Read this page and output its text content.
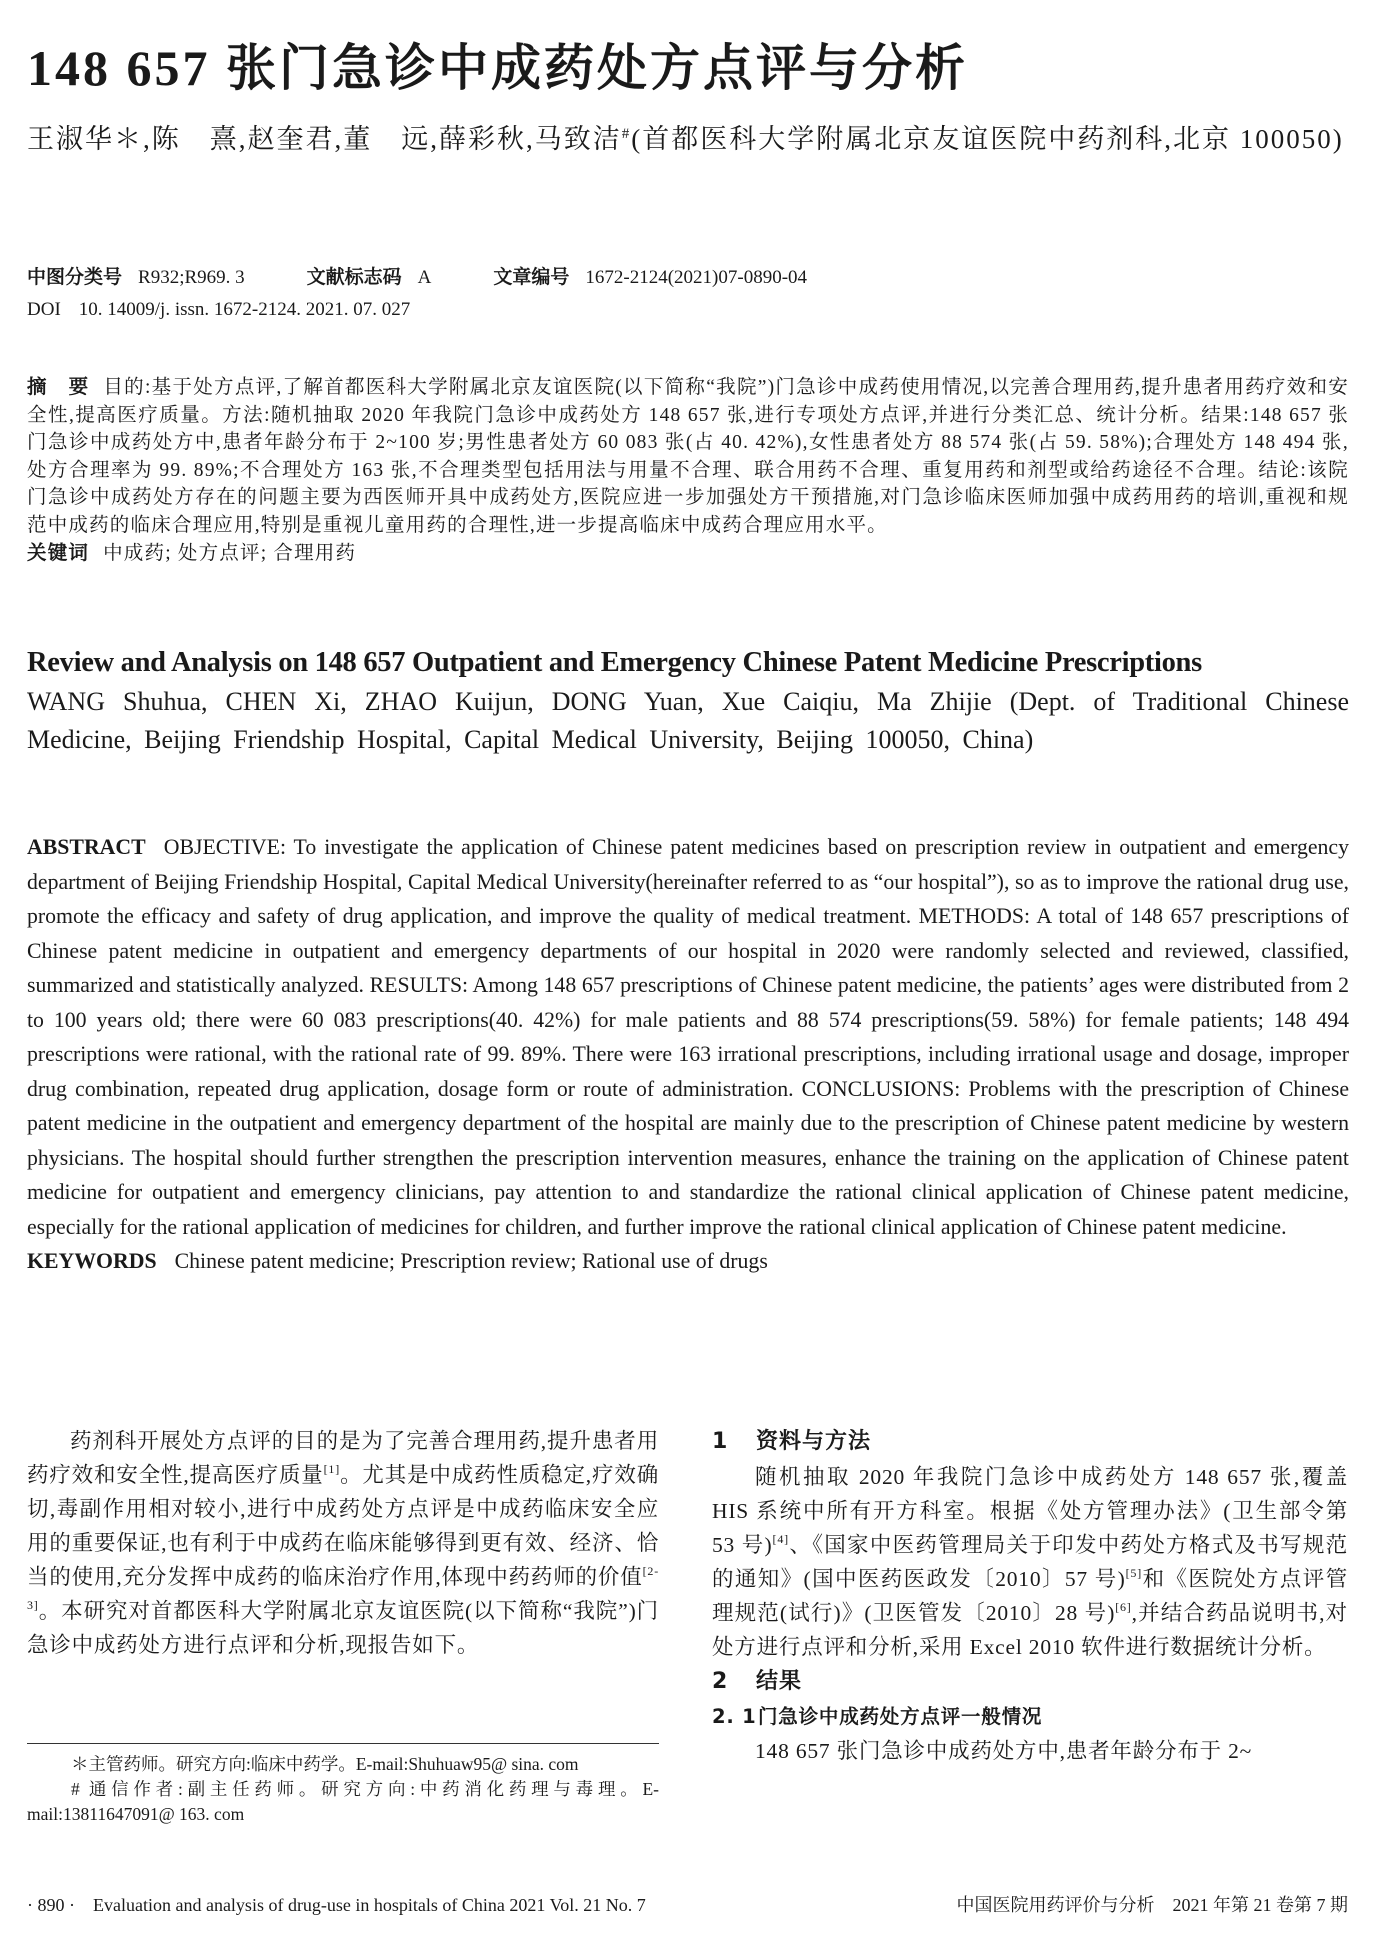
148 657 张门急诊中成药处方点评与分析
王淑华＊,陈　熹,赵奎君,董　远,薛彩秋,马致洁#(首都医科大学附属北京友谊医院中药剂科,北京 100050)
中图分类号 R932;R969. 3	文献标志码 A	文章编号 1672-2124(2021)07-0890-04
DOI 10. 14009/j. issn. 1672-2124. 2021. 07. 027
摘　要 目的:基于处方点评,了解首都医科大学附属北京友谊医院(以下简称“我院”)门急诊中成药使用情况,以完善合理用药,提升患者用药疗效和安全性,提高医疗质量。方法:随机抽取 2020 年我院门急诊中成药处方 148 657 张,进行专项处方点评,并进行分类汇总、统计分析。结果:148 657 张门急诊中成药处方中,患者年龄分布于 2~100 岁;男性患者处方 60 083 张(占 40. 42%),女性患者处方 88 574 张(占 59. 58%);合理处方 148 494 张,处方合理率为 99. 89%;不合理处方 163 张,不合理类型包括用法与用量不合理、联合用药不合理、重复用药和剂型或给药途径不合理。结论:该院门急诊中成药处方存在的问题主要为西医师开具中成药处方,医院应进一步加强处方干预措施,对门急诊临床医师加强中成药用药的培训,重视和规范中成药的临床合理应用,特别是重视儿童用药的合理性,进一步提高临床中成药合理应用水平。
关键词 中成药; 处方点评; 合理用药
Review and Analysis on 148 657 Outpatient and Emergency Chinese Patent Medicine Prescriptions
WANG Shuhua, CHEN Xi, ZHAO Kuijun, DONG Yuan, Xue Caiqiu, Ma Zhijie (Dept. of Traditional Chinese Medicine, Beijing Friendship Hospital, Capital Medical University, Beijing 100050, China)
ABSTRACT OBJECTIVE: To investigate the application of Chinese patent medicines based on prescription review in outpatient and emergency department of Beijing Friendship Hospital, Capital Medical University(hereinafter referred to as “our hospital”), so as to improve the rational drug use, promote the efficacy and safety of drug application, and improve the quality of medical treatment. METHODS: A total of 148 657 prescriptions of Chinese patent medicine in outpatient and emergency departments of our hospital in 2020 were randomly selected and reviewed, classified, summarized and statistically analyzed. RESULTS: Among 148 657 prescriptions of Chinese patent medicine, the patients’ ages were distributed from 2 to 100 years old; there were 60 083 prescriptions(40. 42%) for male patients and 88 574 prescriptions(59. 58%) for female patients; 148 494 prescriptions were rational, with the rational rate of 99. 89%. There were 163 irrational prescriptions, including irrational usage and dosage, improper drug combination, repeated drug application, dosage form or route of administration. CONCLUSIONS: Problems with the prescription of Chinese patent medicine in the outpatient and emergency department of the hospital are mainly due to the prescription of Chinese patent medicine by western physicians. The hospital should further strengthen the prescription intervention measures, enhance the training on the application of Chinese patent medicine for outpatient and emergency clinicians, pay attention to and standardize the rational clinical application of Chinese patent medicine, especially for the rational application of medicines for children, and further improve the rational clinical application of Chinese patent medicine.
KEYWORDS Chinese patent medicine; Prescription review; Rational use of drugs

药剂科开展处方点评的目的是为了完善合理用药,提升患者用药疗效和安全性,提高医疗质量[1]。尤其是中成药性质稳定,疗效确切,毒副作用相对较小,进行中成药处方点评是中成药临床安全应用的重要保证,也有利于中成药在临床能够得到更有效、经济、恰当的使用,充分发挥中成药的临床治疗作用,体现中药药师的价值[2-3]。本研究对首都医科大学附属北京友谊医院(以下简称“我院”)门急诊中成药处方进行点评和分析,现报告如下。

＊主管药师。研究方向:临床中药学。E-mail:Shuhuaw95@ sina. com

# 通信作者:副主任药师。研究方向:中药消化药理与毒理。E-mail:13811647091@ 163. com

1 资料与方法

随机抽取 2020 年我院门急诊中成药处方 148 657 张,覆盖 HIS 系统中所有开方科室。根据《处方管理办法》(卫生部令第 53 号)[4]、《国家中医药管理局关于印发中药处方格式及书写规范的通知》(国中医药医政发〔2010〕57 号)[5]和《医院处方点评管理规范(试行)》(卫医管发〔2010〕28 号)[6],并结合药品说明书,对处方进行点评和分析,采用 Excel 2010 软件进行数据统计分析。

2 结果

2. 1门急诊中成药处方点评一般情况

148 657 张门急诊中成药处方中,患者年龄分布于 2~

· 890 ·　Evaluation and analysis of drug-use in hospitals of China 2021 Vol. 21 No. 7	中国医院用药评价与分析　2021 年第 21 卷第 7 期
